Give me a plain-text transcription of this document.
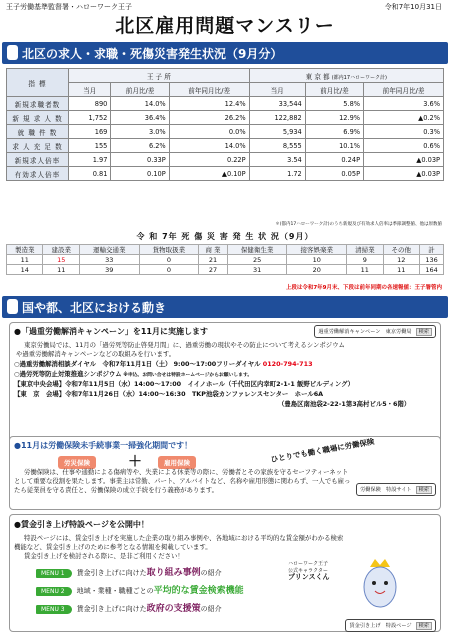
王子労働基準監督署・ハローワーク王子	令和7年10月31日
北区雇用問題マンスリー
北区の求人・求職・死傷災害発生状況（9月分）
指 標	王 子 所			東 京 都 (都内17ハローワーク計)		
	当月	前月比/差	前年同月比/差	当月	前月比/差	前年同月比/差
新規求職者数	890	14.0%	12.4%	33,544	5.8%	3.6%
新 規 求 人 数	1,752	36.4%	26.2%	122,882	12.9%	▲0.2%
就 職 件 数	169	3.0%	0.0%	5,934	6.9%	0.3%
求 人 充 足 数	155	6.2%	14.0%	8,555	10.1%	0.6%
新規求人倍率	1.97	0.33P	0.22P	3.54	0.24P	▲0.03P
有効求人倍率	0.81	0.10P	▲0.10P	1.72	0.05P	▲0.03P
＊(都内17ハローワーク計)のうち新規及び有効求人倍率は季節調整値、他は原数値
令 和 7年 死 傷 災 害 発 生 状 況（9月）
製造業	建設業	運輸交通業	貨物取扱業	商 業	保健衛生業	接客娯楽業	清掃業	その他	計
11	15	33	0	21	25	10	9	12	136
14	11	39	0	27	31	20	11	11	164
上段は令和7年9月末、下段は前年同期の各速報値：王子署管内
国や都、北区における動き
●「過重労働解消キャンペーン」を11月に実施します	過重労働解消キャンペーン　東京労働局 検索
東京労働局では、11月の「過労死等防止啓発月間」に、過重労働の現状やその防止について考えるシンポジウム
や過重労働解消キャンペーンなどの取組みを行います。
○過重労働解消相談ダイヤル　令和7年11月1日（土） 9:00～17:00フリーダイヤル 0120-794-713
○過労死等防止対策推進シンポジウム ※申込、お問い合せは特設ホームページからお願いします。
【東京中央会場】令和7年11月5日（水）14:00～17:00　イイノホール（千代田区内幸町2-1-1 飯野ビルディング）
【東　京　会場】令和7年11月26日（水）14:00～16:30　TKP池袋カンファレンスセンター　ホール6A
（豊島区南池袋2-22-1第3高村ビル5・6階）
●11月は労働保険未手続事業一掃強化期間です！
労災保険	＋	雇用保険	ひとりでも働く職場に労働保険
労働保険は、仕事や通勤による傷病等や、失業による休業等の際に、労働者とその家族を守るセーフティーネット
として重要な役割を果たします。事業主は常勤、パート、アルバイトなど、名称や雇用形態に関わらず、一人でも雇っ
たら従業員を守る責任と、労働保険の成立手続を行う義務があります。	労働保険　特設サイト 検索
●賃金引き上げ特設ページを公開中！
特設ページには、賃金引き上げを実施した企業の取り組み事例や、各地域における平均的な賃金額がわかる検索
機能など、賃金引き上げのために参考となる情報を掲載しています。
賃金引き上げを検討される際に、是非ご利用ください！
MENU 1 賃金引き上げに向けた取り組み事例の紹介
MENU 2 地域・業種・職種ごとの平均的な賃金検索機能
MENU 3 賃金引き上げに向けた政府の支援策の紹介
ハローワーク王子
公式キャラクター
プリンスくん
賃金引き上げ　特設ページ 検索
